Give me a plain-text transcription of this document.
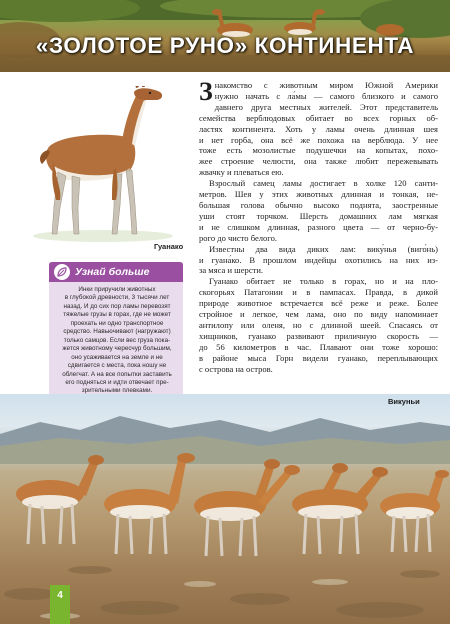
«ЗОЛОТОЕ РУНО» КОНТИНЕНТА
Гуанако
Узнай больше
Инки приручили животных
в глубокой древности, 3 тысячи лет
назад. И до сих пор ламы перевозят
тяжелые грузы в горах, где не может
проехать ни одно транспортное
средство. Навьючивают (нагружают)
только самцов. Если вес груза пока-
жется животному чересчур большим,
оно усаживается на земле и не
сдвигается с места, пока ношу не
облегчат. А на все попытки заставить
его подняться и идти отвечает пре-
зрительными плевками.
З накомство с животным миром Южной Америки

нужно начать с ла́мы — самого близкого и самого

давнего друга местных жителей. Этот представитель

семейства верблюдовых обитает во всех горных об-

ластях континента. Хоть у ламы очень длинная шея

и нет горба, она всё же похожа на верблюда. У нее

тоже есть мозолистые подушечки на копытах, похо-

жее строение челюсти, она также любит пережевывать

жвачку и плеваться ею.

Взрослый самец ламы достигает в холке 120 санти-

метров. Шея у этих животных длинная и тонкая, не-

большая голова обычно высоко поднята, заостренные

уши стоят торчком. Шерсть домашних лам мягкая

и не слишком длинная, разного цвета — от черно-бу-

рого до чисто белого.

Известны два вида диких лам: вику́нья (виго́нь)

и гуана́ко. В прошлом индейцы охотились на них из-

за мяса и шерсти.

Гуанако обитает не только в горах, но и на пло-

скогорьях Патагонии и в пампасах. Правда, в дикой

природе животное встречается всё реже и реже. Более

стройное и легкое, чем лама, оно по виду напоминает

антилопу или оленя, но с длинной шеей. Спасаясь от

хищников, гуанако развивают приличную скорость —

до 56 километров в час. Плавают они тоже хорошо:

в районе мыса Горн видели гуанако, переплывающих

с острова на остров.

Викуньи
4
